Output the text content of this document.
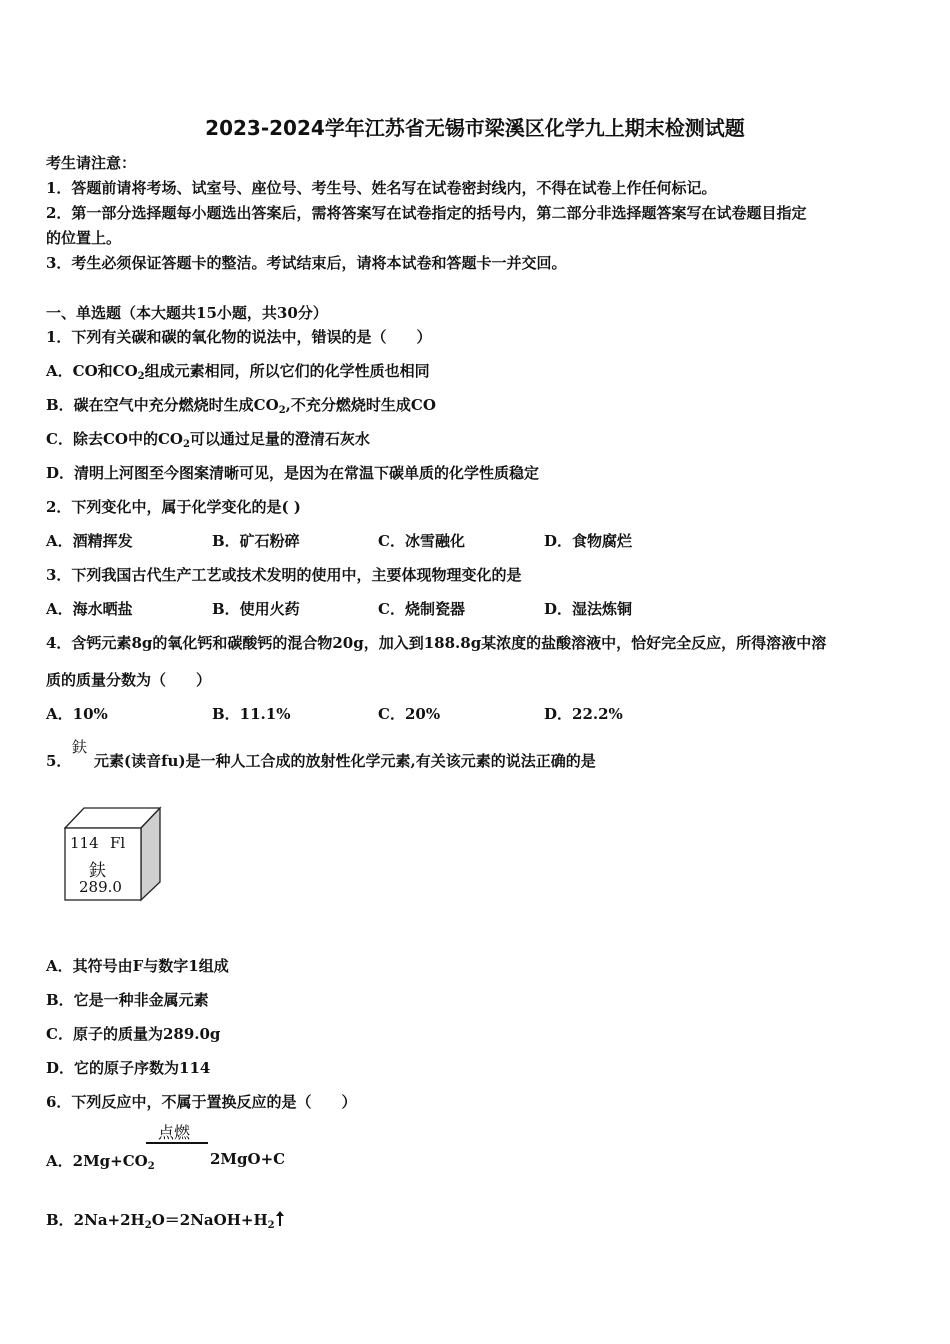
2023-2024学年江苏省无锡市梁溪区化学九上期末检测试题
考生请注意：
1．答题前请将考场、试室号、座位号、考生号、姓名写在试卷密封线内，不得在试卷上作任何标记。
2．第一部分选择题每小题选出答案后，需将答案写在试卷指定的括号内，第二部分非选择题答案写在试卷题目指定
的位置上。
3．考生必须保证答题卡的整洁。考试结束后，请将本试卷和答题卡一并交回。
一、单选题（本大题共15小题，共30分）
1．下列有关碳和碳的氧化物的说法中，错误的是（　　）
A．CO和$CO_2$组成元素相同，所以它们的化学性质也相同
B．碳在空气中充分燃烧时生成$CO_2$,不充分燃烧时生成CO
C．除去CO中的$CO_2$可以通过足量的澄清石灰水
D．清明上河图至今图案清晰可见，是因为在常温下碳单质的化学性质稳定
2．下列变化中，属于化学变化的是( )
A．酒精挥发	B．矿石粉碎	C．冰雪融化	D．食物腐烂
3．下列我国古代生产工艺或技术发明的使用中，主要体现物理变化的是
A．海水晒盐	B．使用火药	C．烧制瓷器	D．湿法炼铜
4．含钙元素8g的氧化钙和碳酸钙的混合物20g，加入到188.8g某浓度的盐酸溶液中，恰好完全反应，所得溶液中溶
质的质量分数为（　　）
A．10%	B．11.1%	C．20%	D．22.2%
5．
鈇
元素(读音fu)是一种人工合成的放射性化学元素,有关该元素的说法正确的是
114 Fl
鈇
289.0
A．其符号由F与数字1组成
B．它是一种非金属元素
C．原子的质量为289.0g
D．它的原子序数为114
6．下列反应中，不属于置换反应的是（　　）
A．$2Mg+CO_2$
点燃
2MgO+C
B．$2Na+2H_2O=2NaOH+H_2$
